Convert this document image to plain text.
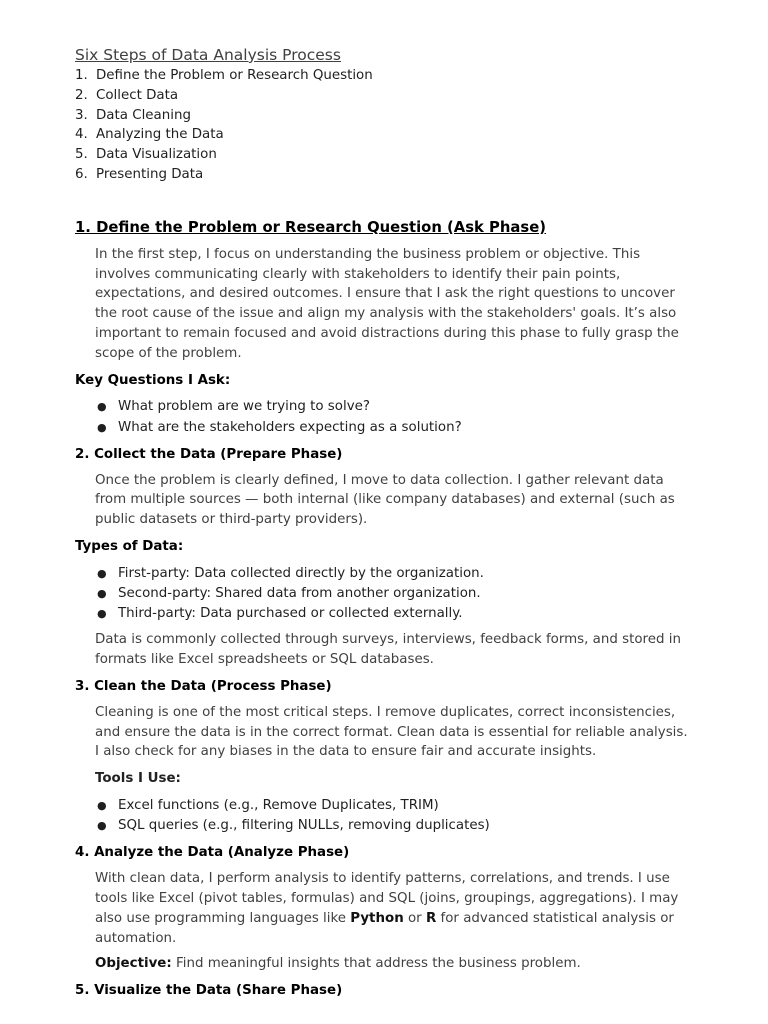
Six Steps of Data Analysis Process

1. Define the Problem or Research Question
2. Collect Data
3. Data Cleaning
4. Analyzing the Data
5. Data Visualization
6. Presenting Data

1. Define the Problem or Research Question (Ask Phase)

In the first step, I focus on understanding the business problem or objective. This involves communicating clearly with stakeholders to identify their pain points, expectations, and desired outcomes. I ensure that I ask the right questions to uncover the root cause of the issue and align my analysis with the stakeholders' goals. It’s also important to remain focused and avoid distractions during this phase to fully grasp the scope of the problem.

Key Questions I Ask:

● What problem are we trying to solve?
● What are the stakeholders expecting as a solution?

2. Collect the Data (Prepare Phase)

Once the problem is clearly defined, I move to data collection. I gather relevant data from multiple sources — both internal (like company databases) and external (such as public datasets or third-party providers).

Types of Data:

● First-party: Data collected directly by the organization.
● Second-party: Shared data from another organization.
● Third-party: Data purchased or collected externally.

Data is commonly collected through surveys, interviews, feedback forms, and stored in formats like Excel spreadsheets or SQL databases.

3. Clean the Data (Process Phase)

Cleaning is one of the most critical steps. I remove duplicates, correct inconsistencies, and ensure the data is in the correct format. Clean data is essential for reliable analysis. I also check for any biases in the data to ensure fair and accurate insights.

Tools I Use:

● Excel functions (e.g., Remove Duplicates, TRIM)
● SQL queries (e.g., filtering NULLs, removing duplicates)

4. Analyze the Data (Analyze Phase)

With clean data, I perform analysis to identify patterns, correlations, and trends. I use tools like Excel (pivot tables, formulas) and SQL (joins, groupings, aggregations). I may also use programming languages like Python or R for advanced statistical analysis or automation.

Objective: Find meaningful insights that address the business problem.

5. Visualize the Data (Share Phase)
